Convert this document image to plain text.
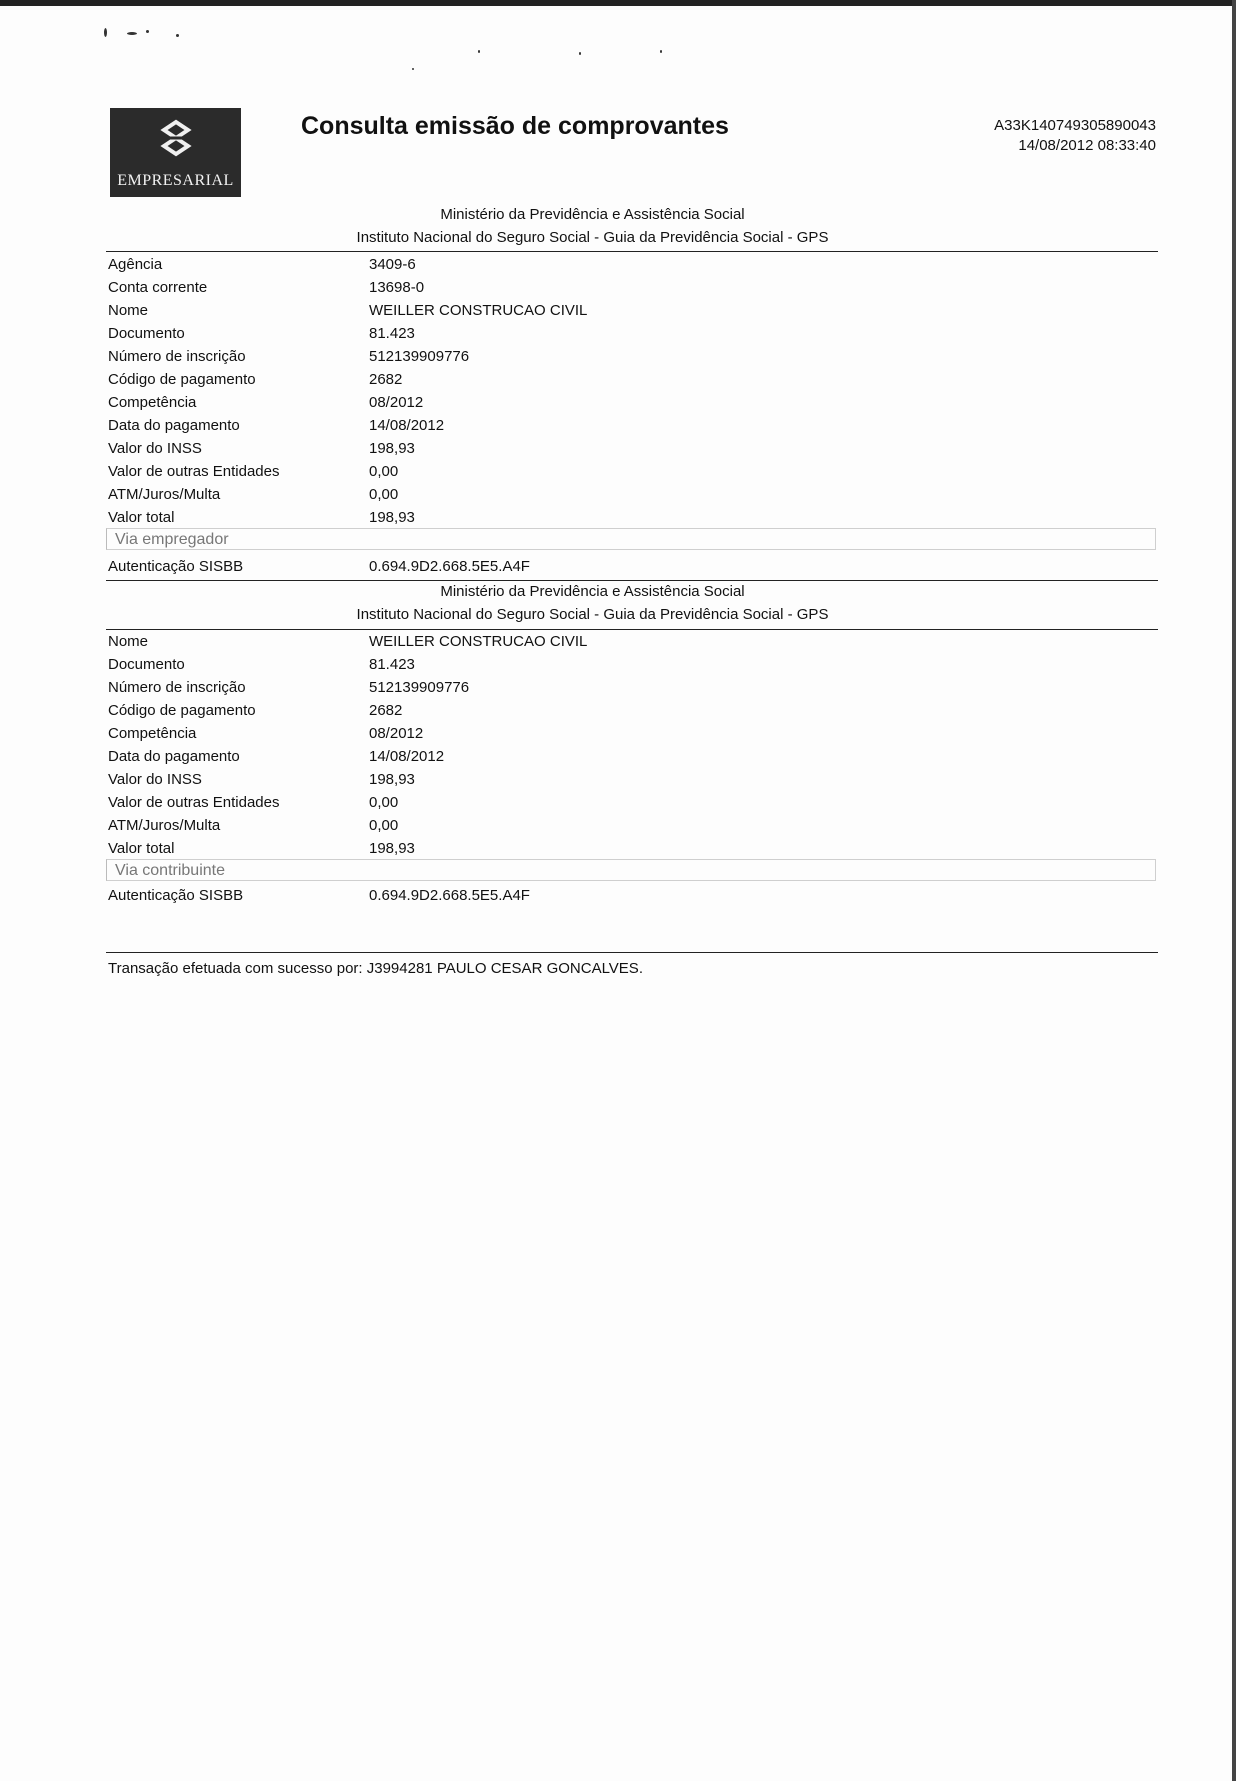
EMPRESARIAL
Consulta emissão de comprovantes	A33K140749305890043
14/08/2012 08:33:40
Ministério da Previdência e Assistência Social
Instituto Nacional do Seguro Social - Guia da Previdência Social - GPS
Agência	3409-6
Conta corrente	13698-0
Nome	WEILLER CONSTRUCAO CIVIL
Documento	81.423
Número de inscrição	512139909776
Código de pagamento	2682
Competência	08/2012
Data do pagamento	14/08/2012
Valor do INSS	198,93
Valor de outras Entidades	0,00
ATM/Juros/Multa	0,00
Valor total	198,93
Via empregador
Autenticação SISBB	0.694.9D2.668.5E5.A4F
Ministério da Previdência e Assistência Social
Instituto Nacional do Seguro Social - Guia da Previdência Social - GPS
Nome	WEILLER CONSTRUCAO CIVIL
Documento	81.423
Número de inscrição	512139909776
Código de pagamento	2682
Competência	08/2012
Data do pagamento	14/08/2012
Valor do INSS	198,93
Valor de outras Entidades	0,00
ATM/Juros/Multa	0,00
Valor total	198,93
Via contribuinte
Autenticação SISBB	0.694.9D2.668.5E5.A4F
Transação efetuada com sucesso por: J3994281 PAULO CESAR GONCALVES.
